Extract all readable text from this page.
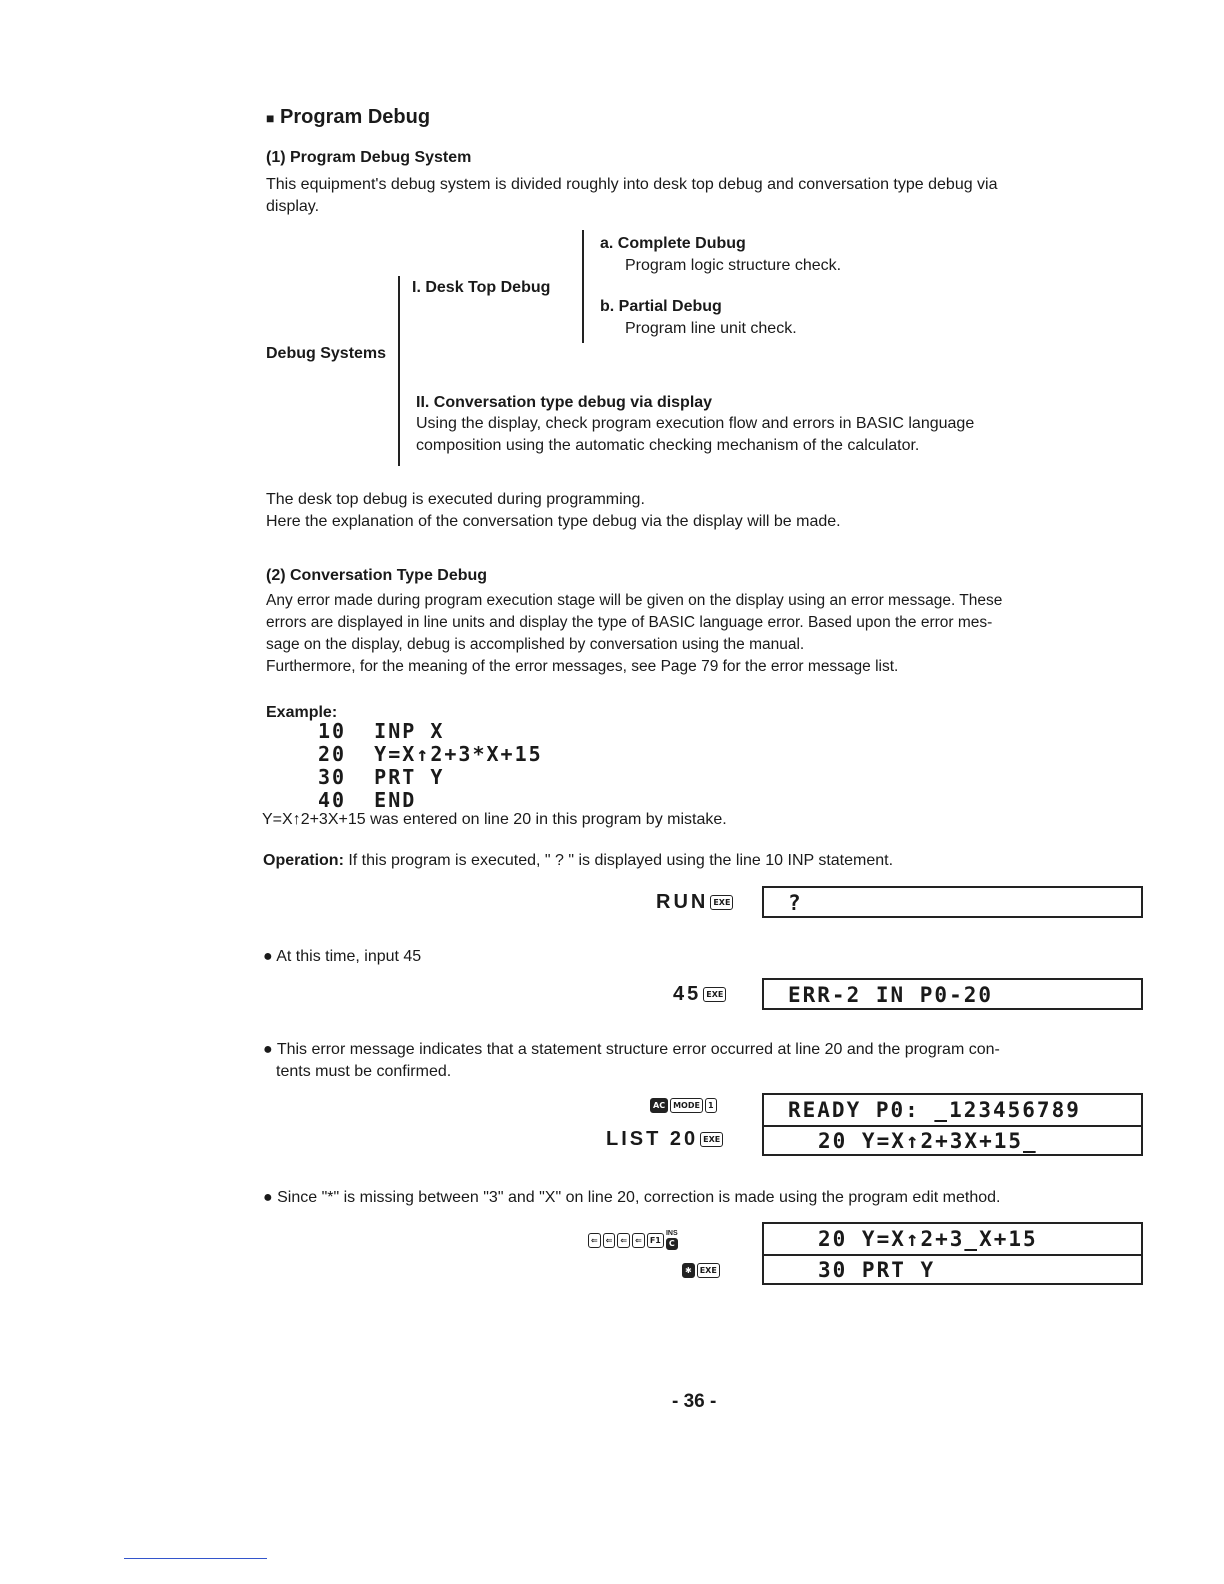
■ Program Debug
(1) Program Debug System
This equipment's debug system is divided roughly into desk top debug and conversation type debug via
display.
Debug Systems
I. Desk Top Debug
a. Complete Dubug
Program logic structure check.
b. Partial Debug
Program line unit check.
II. Conversation type debug via display
Using the display, check program execution flow and errors in BASIC language
composition using the automatic checking mechanism of the calculator.
The desk top debug is executed during programming.
Here the explanation of the conversation type debug via the display will be made.
(2) Conversation Type Debug
Any error made during program execution stage will be given on the display using an error message. These
errors are displayed in line units and display the type of BASIC language error. Based upon the error mes-
sage on the display, debug is accomplished by conversation using the manual.
Furthermore, for the meaning of the error messages, see Page 79 for the error message list.
Example:
10  INP X
20  Y=X↑2+3*X+15
30  PRT Y
40  END
Y=X↑2+3X+15 was entered on line 20 in this program by mistake.
Operation: If this program is executed, " ? " is displayed using the line 10 INP statement.
RUN EXE	?
● At this time, input 45
45 EXE	ERR-2 IN P0-20
● This error message indicates that a statement structure error occurred at line 20 and the program con-
tents must be confirmed.
AC MODE 1
LIST 20 EXE
READY P0: _123456789
20 Y=X↑2+3X+15_
● Since "*" is missing between "3" and "X" on line 20, correction is made using the program edit method.
⇐ ⇐ ⇐ ⇐ F1
INS
C
✱ EXE
20 Y=X↑2+3_X+15
30 PRT Y
- 36 -
